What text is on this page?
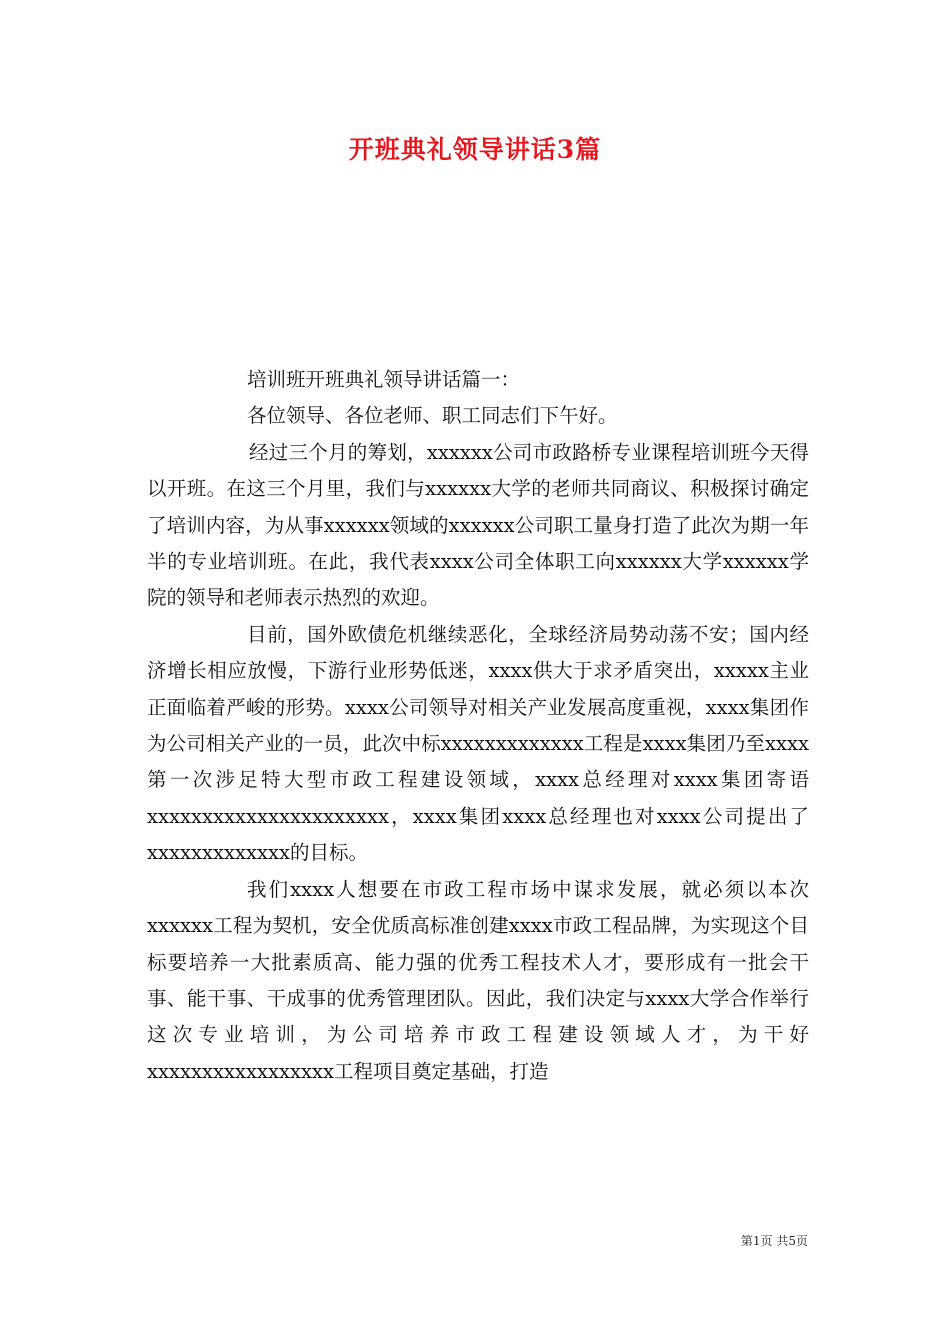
开班典礼领导讲话3篇

培训班开班典礼领导讲话篇一：

各位领导、各位老师、职工同志们下午好。

经过三个月的筹划，xxxxxx公司市政路桥专业课程培训班今天得以开班。在这三个月里，我们与xxxxxx大学的老师共同商议、积极探讨确定了培训内容，为从事xxxxxx领域的xxxxxx公司职工量身打造了此次为期一年半的专业培训班。在此，我代表xxxx公司全体职工向xxxxxx大学xxxxxx学院的领导和老师表示热烈的欢迎。

目前，国外欧债危机继续恶化，全球经济局势动荡不安；国内经济增长相应放慢，下游行业形势低迷，xxxx供大于求矛盾突出，xxxxx主业正面临着严峻的形势。xxxx公司领导对相关产业发展高度重视，xxxx集团作为公司相关产业的一员，此次中标xxxxxxxxxxxxx工程是xxxx集团乃至xxxx第一次涉足特大型市政工程建设领域，xxxx总经理对xxxx集团寄语xxxxxxxxxxxxxxxxxxxxxx，xxxx集团xxxx总经理也对xxxx公司提出了xxxxxxxxxxxxx的目标。

我们xxxx人想要在市政工程市场中谋求发展，就必须以本次xxxxxx工程为契机，安全优质高标准创建xxxx市政工程品牌，为实现这个目标要培养一大批素质高、能力强的优秀工程技术人才，要形成有一批会干事、能干事、干成事的优秀管理团队。因此，我们决定与xxxx大学合作举行这次专业培训，为公司培养市政工程建设领域人才，为干好xxxxxxxxxxxxxxxxx工程项目奠定基础，打造

第1页 共5页
